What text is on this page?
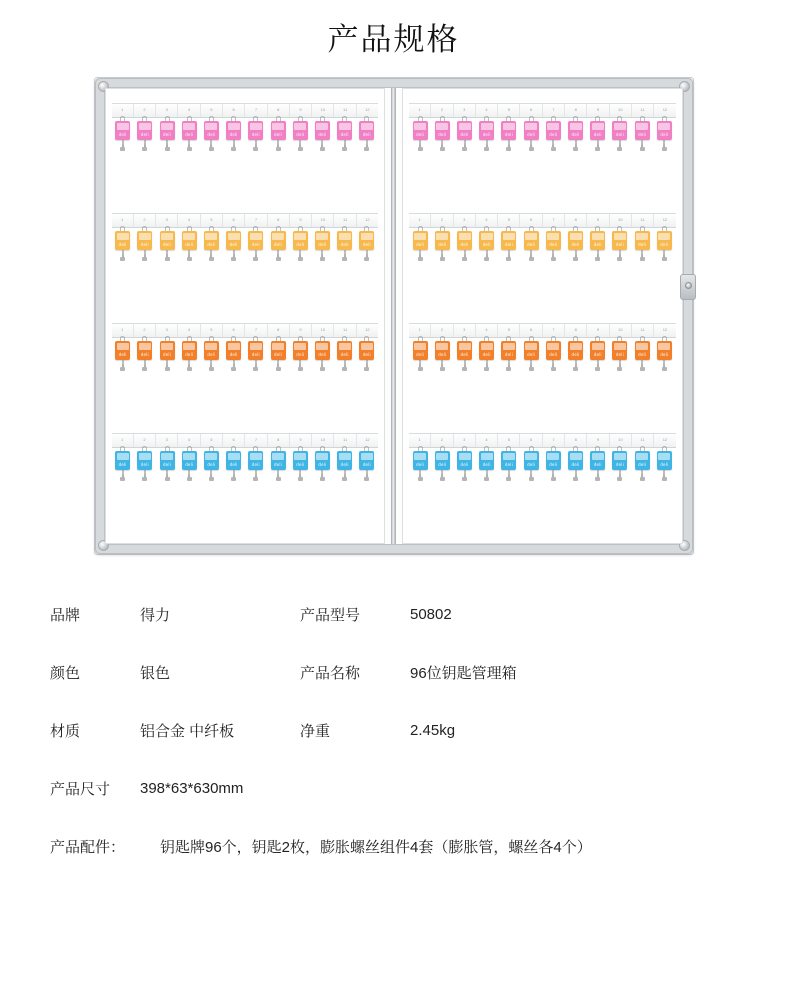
产品规格
1	2	3	4	5	6	7	8	9	10	11	12
deli	deli	deli	deli	deli	deli	deli	deli	deli	deli	deli	deli
1	2	3	4	5	6	7	8	9	10	11	12
deli	deli	deli	deli	deli	deli	deli	deli	deli	deli	deli	deli
1	2	3	4	5	6	7	8	9	10	11	12
deli	deli	deli	deli	deli	deli	deli	deli	deli	deli	deli	deli
1	2	3	4	5	6	7	8	9	10	11	12
deli	deli	deli	deli	deli	deli	deli	deli	deli	deli	deli	deli
1	2	3	4	5	6	7	8	9	10	11	12
deli	deli	deli	deli	deli	deli	deli	deli	deli	deli	deli	deli
1	2	3	4	5	6	7	8	9	10	11	12
deli	deli	deli	deli	deli	deli	deli	deli	deli	deli	deli	deli
1	2	3	4	5	6	7	8	9	10	11	12
deli	deli	deli	deli	deli	deli	deli	deli	deli	deli	deli	deli
1	2	3	4	5	6	7	8	9	10	11	12
deli	deli	deli	deli	deli	deli	deli	deli	deli	deli	deli	deli
品牌	得力	产品型号	50802
颜色	银色	产品名称	96位钥匙管理箱
材质	铝合金 中纤板	净重	2.45kg
产品尺寸	398*63*630mm
产品配件：	钥匙牌96个，钥匙2枚，膨胀螺丝组件4套（膨胀管，螺丝各4个）
